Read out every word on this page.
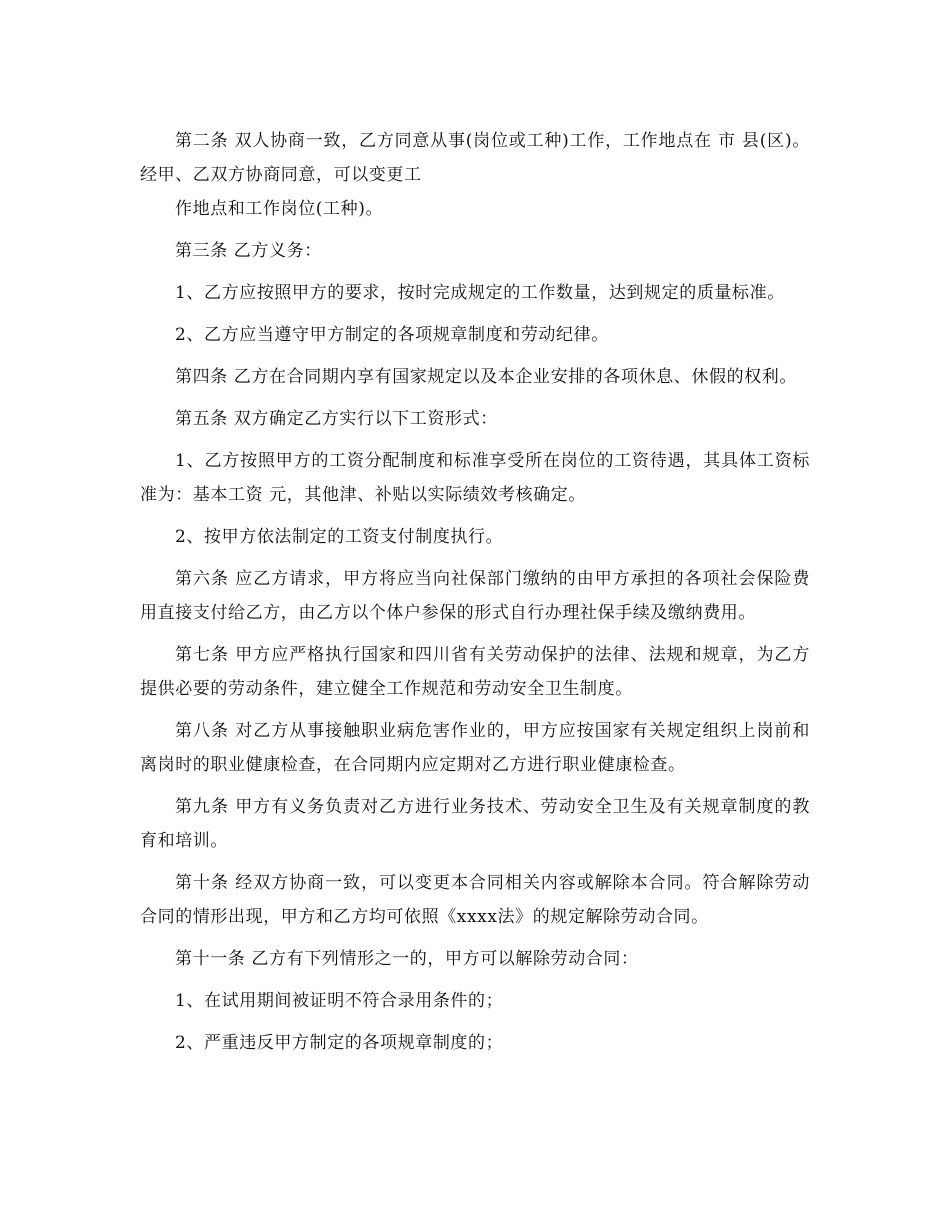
第二条 双人协商一致，乙方同意从事(岗位或工种)工作，工作地点在 市 县(区)。经甲、乙双方协商同意，可以变更工

作地点和工作岗位(工种)。

第三条 乙方义务：

1、乙方应按照甲方的要求，按时完成规定的工作数量，达到规定的质量标准。

2、乙方应当遵守甲方制定的各项规章制度和劳动纪律。

第四条 乙方在合同期内享有国家规定以及本企业安排的各项休息、休假的权利。

第五条 双方确定乙方实行以下工资形式：

1、乙方按照甲方的工资分配制度和标准享受所在岗位的工资待遇，其具体工资标准为：基本工资 元，其他津、补贴以实际绩效考核确定。

2、按甲方依法制定的工资支付制度执行。

第六条 应乙方请求，甲方将应当向社保部门缴纳的由甲方承担的各项社会保险费用直接支付给乙方，由乙方以个体户参保的形式自行办理社保手续及缴纳费用。

第七条 甲方应严格执行国家和四川省有关劳动保护的法律、法规和规章，为乙方提供必要的劳动条件，建立健全工作规范和劳动安全卫生制度。

第八条 对乙方从事接触职业病危害作业的，甲方应按国家有关规定组织上岗前和离岗时的职业健康检查，在合同期内应定期对乙方进行职业健康检查。

第九条 甲方有义务负责对乙方进行业务技术、劳动安全卫生及有关规章制度的教育和培训。

第十条 经双方协商一致，可以变更本合同相关内容或解除本合同。符合解除劳动合同的情形出现，甲方和乙方均可依照《xxxx法》的规定解除劳动合同。

第十一条 乙方有下列情形之一的，甲方可以解除劳动合同：

1、在试用期间被证明不符合录用条件的；

2、严重违反甲方制定的各项规章制度的；
